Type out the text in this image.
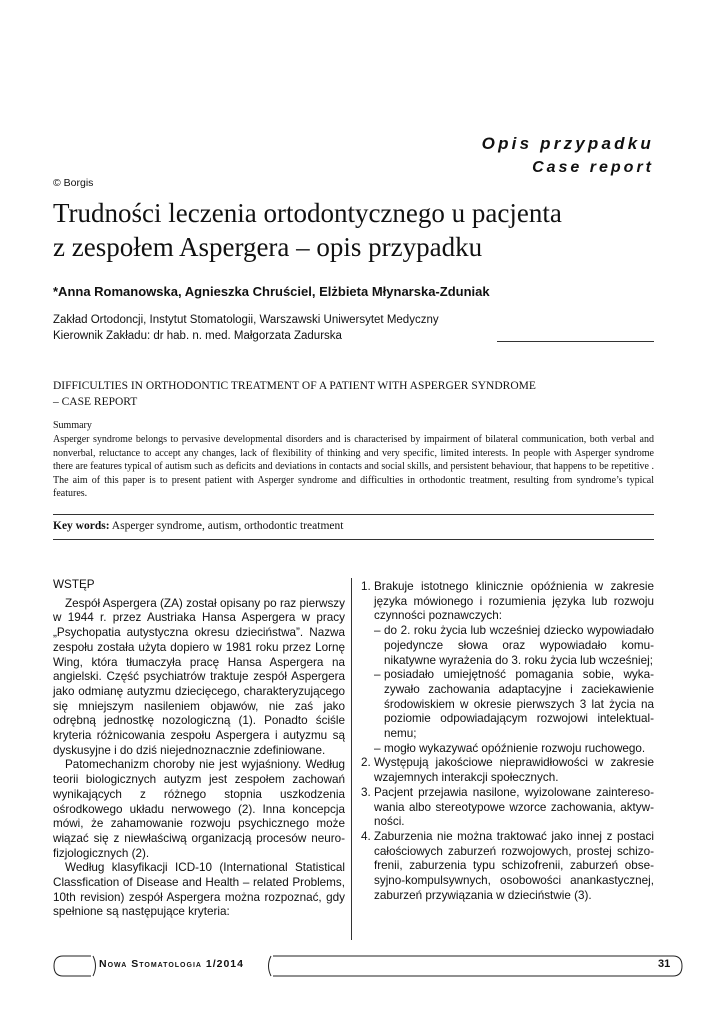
Opis przypadku
Case report
© Borgis
Trudności leczenia ortodontycznego u pacjenta
z zespołem Aspergera – opis przypadku
*Anna Romanowska, Agnieszka Chruściel, Elżbieta Młynarska-Zduniak
Zakład Ortodoncji, Instytut Stomatologii, Warszawski Uniwersytet Medyczny
Kierownik Zakładu: dr hab. n. med. Małgorzata Zadurska
DIFFICULTIES IN ORTHODONTIC TREATMENT OF A PATIENT WITH ASPERGER SYNDROME
– CASE REPORT
Summary
Asperger syndrome belongs to pervasive developmental disorders and is characterised by impairment of bilateral communication, both verbal and nonverbal, reluctance to accept any changes, lack of flexibility of thinking and very specific, limited interests. In people with Asperger syndrome there are features typical of autism such as deficits and deviations in contacts and social skills, and persistent behaviour, that happens to be repetitive . The aim of this paper is to present patient with Asperger syndrome and difficulties in orthodontic treatment, resulting from syndrome’s typical features.
Key words: Asperger syndrome, autism, orthodontic treatment
WSTĘP

Zespół Aspergera (ZA) został opisany po raz pierwszy w 1944 r. przez Austriaka Hansa Aspergera w pracy „Psychopatia autystyczna okresu dzieciństwa”. Nazwa zespołu została użyta dopiero w 1981 roku przez Lornę Wing, która tłumaczyła pracę Hansa Aspergera na angielski. Część psychiatrów traktuje zespół Aspergera jako odmianę autyzmu dziecięcego, charakteryzującego się mniejszym nasileniem objawów, nie zaś jako odrębną jednostkę nozologiczną (1). Ponadto ściśle kryteria różnicowania zespołu Aspergera i autyzmu są dyskusyjne i do dziś niejednoznacznie zdefiniowane.

Patomechanizm choroby nie jest wyjaśniony. Według teorii biologicznych autyzm jest zespołem zachowań wynikających z różnego stopnia uszkodzenia ośrodkowego układu nerwowego (2). Inna koncepcja mówi, że zahamowanie rozwoju psychicznego może wiązać się z niewłaściwą organizacją procesów neurofizjologicznych (2).

Według klasyfikacji ICD-10 (International Statistical Classfication of Disease and Health – related Problems, 10th revision) zespół Aspergera można rozpoznać, gdy spełnione są następujące kryteria:

1. Brakuje istotnego klinicznie opóźnienia w zakresie języka mówionego i rozumienia języka lub rozwoju czynności poznawczych:
– do 2. roku życia lub wcześniej dziecko wypowiadało pojedyncze słowa oraz wypowiadało komunikatywne wyrażenia do 3. roku życia lub wcześniej;
– posiadało umiejętność pomagania sobie, wykazywało zachowania adaptacyjne i zaciekawienie środowiskiem w okresie pierwszych 3 lat życia na poziomie odpowiadającym rozwojowi intelektualnemu;
– mogło wykazywać opóźnienie rozwoju ruchowego.
2. Występują jakościowe nieprawidłowości w zakresie wzajemnych interakcji społecznych.
3. Pacjent przejawia nasilone, wyizolowane zainteresowania albo stereotypowe wzorce zachowania, aktywności.
4. Zaburzenia nie można traktować jako innej z postaci całościowych zaburzeń rozwojowych, prostej schizofrenii, zaburzenia typu schizofrenii, zaburzeń obsesyjno-kompulsywnych, osobowości anankastycznej, zaburzeń przywiązania w dzieciństwie (3).
Nowa Stomatologia 1/2014	31
